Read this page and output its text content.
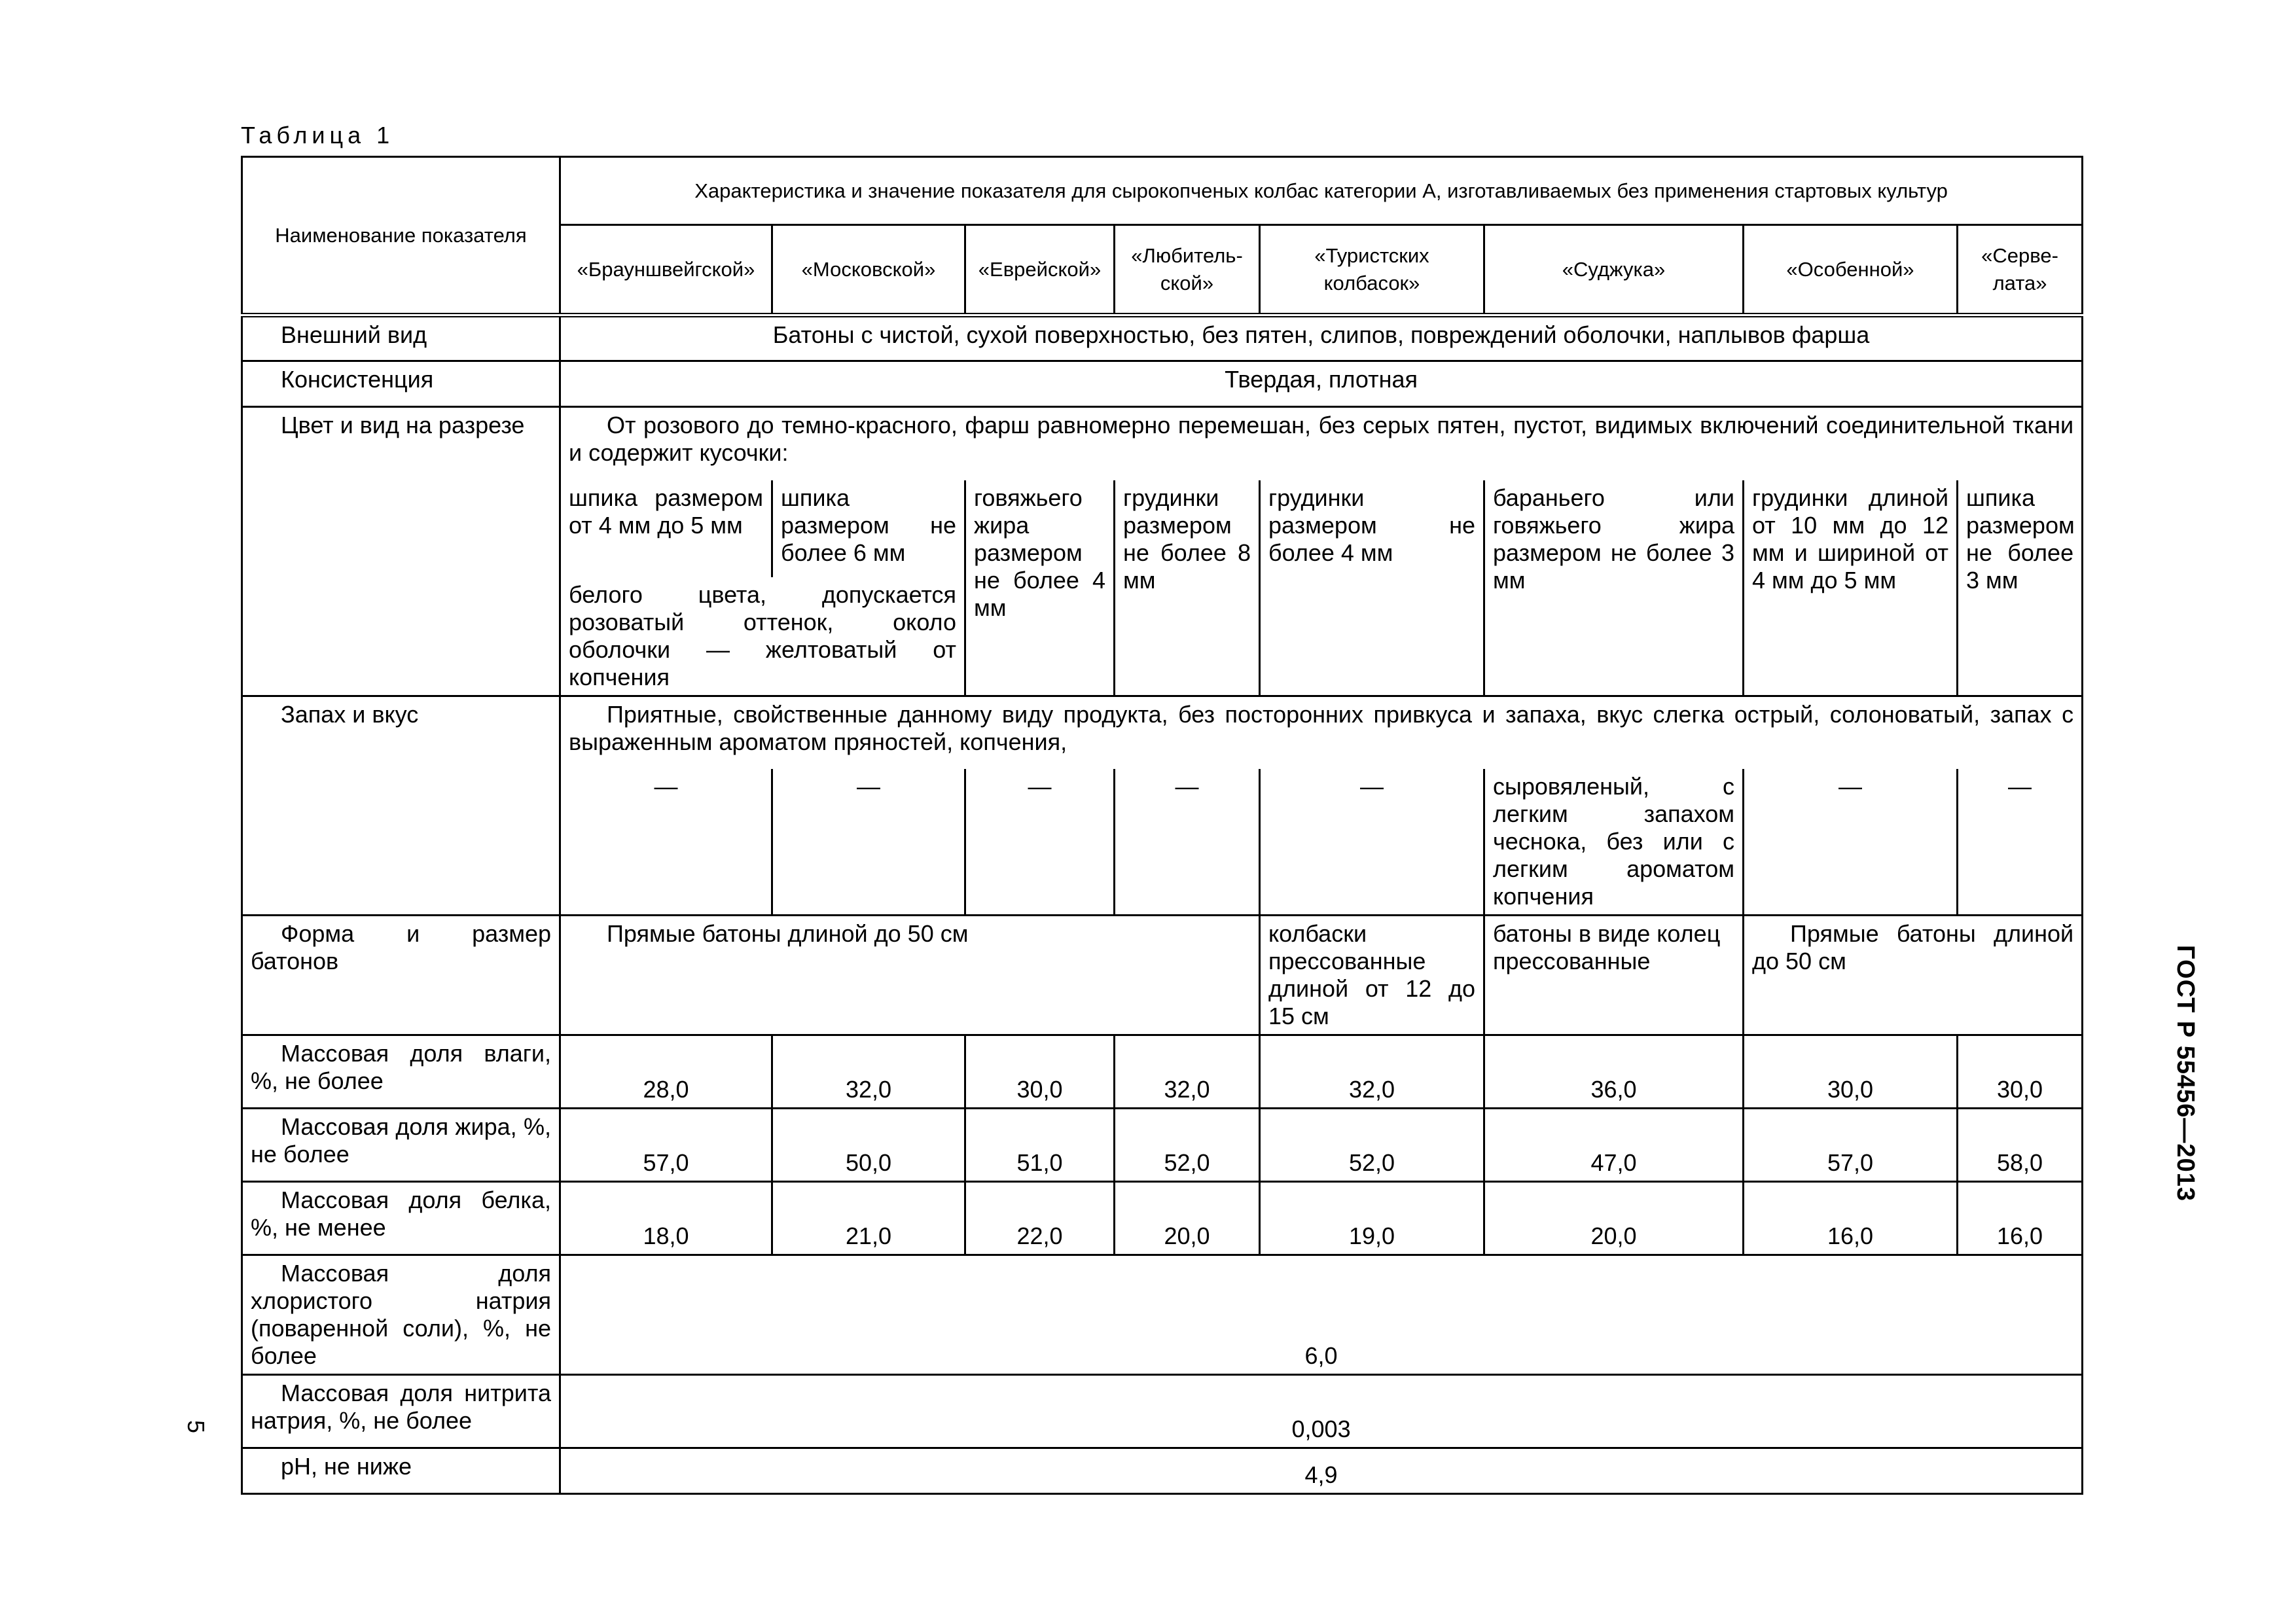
Таблица 1
ГОСТ Р 55456—2013
5
Наименование показателя	Характеристика и значение показателя для сырокопченых колбас категории А, изготавливаемых без применения стартовых культур							
	«Брауншвейгской»	«Московской»	«Еврейской»	«Любитель-ской»	«Туристских колбасок»	«Суджука»	«Особенной»	«Серве-лата»
Внешний вид	Батоны с чистой, сухой поверхностью, без пятен, слипов, повреждений оболочки, наплывов фарша							
Консистенция	Твердая, плотная							
Цвет и вид на разрезе	От розового до темно-красного, фарш равномерно перемешан, без серых пятен, пустот, видимых включений соединительной ткани и содержит кусочки:							
	шпика размером от 4 мм до 5 мм	шпика размером не более 6 мм	говяжьего жира размером не более 4 мм	грудинки размером не более 8 мм	грудинки размером не более 4 мм	бараньего или говяжьего жира размером не более 3 мм	грудинки длиной от 10 мм до 12 мм и шириной от 4 мм до 5 мм	шпика размером не более 3 мм
	белого цвета, допускается розоватый оттенок, около оболочки — желтоватый от копчения							
Запах и вкус	Приятные, свойственные данному виду продукта, без посторонних привкуса и запаха, вкус слегка острый, солоноватый, запах с выраженным ароматом пряностей, копчения,							
	—	—	—	—	—	сыровяленый, с легким запахом чеснока, без или с легким ароматом копчения	—	—
Форма и размер батонов	Прямые батоны длиной до 50 см				колбаски прессованные длиной от 12 до 15 см	батоны в виде колец прессованные	Прямые батоны длиной до 50 см	
Массовая доля влаги, %, не более	28,0	32,0	30,0	32,0	32,0	36,0	30,0	30,0
Массовая доля жира, %, не более	57,0	50,0	51,0	52,0	52,0	47,0	57,0	58,0
Массовая доля белка, %, не менее	18,0	21,0	22,0	20,0	19,0	20,0	16,0	16,0
Массовая доля хлористого натрия (поваренной соли), %, не более	6,0							
Массовая доля нитрита натрия, %, не более	0,003							
pH, не ниже	4,9							
